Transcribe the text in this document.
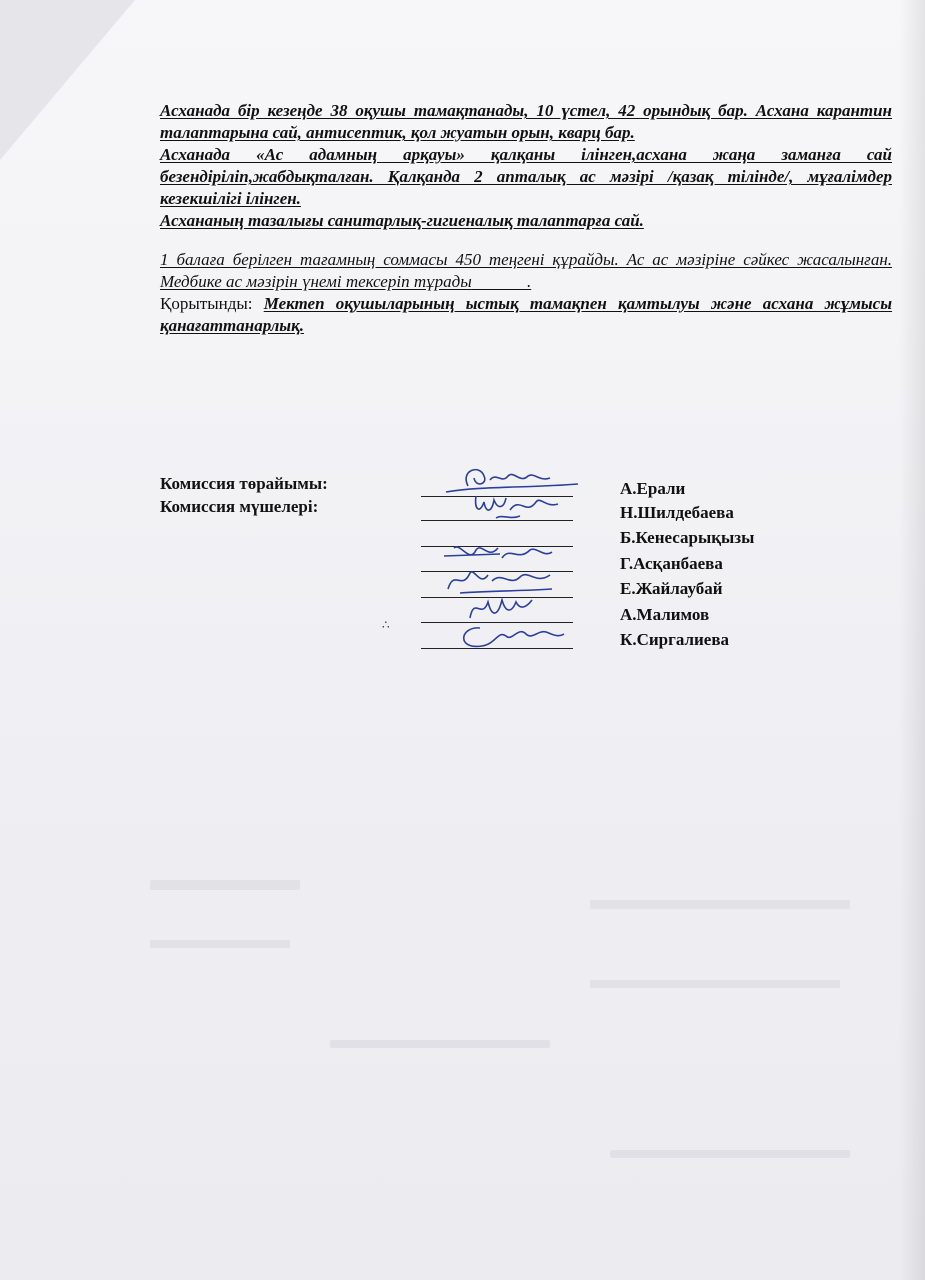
Асханада бір кезеңде 38 оқушы тамақтанады, 10 үстел, 42 орындық бар. Асхана карантин талаптарына сай, антисептик, қол жуатын орын, кварц бар.

Асханада «Ас адамның арқауы» қалқаны ілінген,асхана жаңа заманға сай безендіріліп,жабдықталған. Қалқанда 2 апталық ас мәзірі /қазақ тілінде/, мұғалімдер кезекшілігі ілінген.

Асхананың тазалығы санитарлық-гигиеналық талаптарға сай.

1 балаға берілген тағамның соммасы 450 теңгені құрайды. Ас ас мәзіріне сәйкес жасалынған. Медбике ас мәзірін үнемі тексеріп тұрады             .

Қорытынды: Мектеп оқушыларының ыстық тамақпен қамтылуы және асхана жұмысы қанағаттанарлық.

Комиссия төрайымы:
Комиссия мүшелері:
∴
А.Ерали
Н.Шилдебаева
Б.Кенесарықызы
Г.Асқанбаева
Е.Жайлаубай
А.Малимов
К.Сиргалиева
